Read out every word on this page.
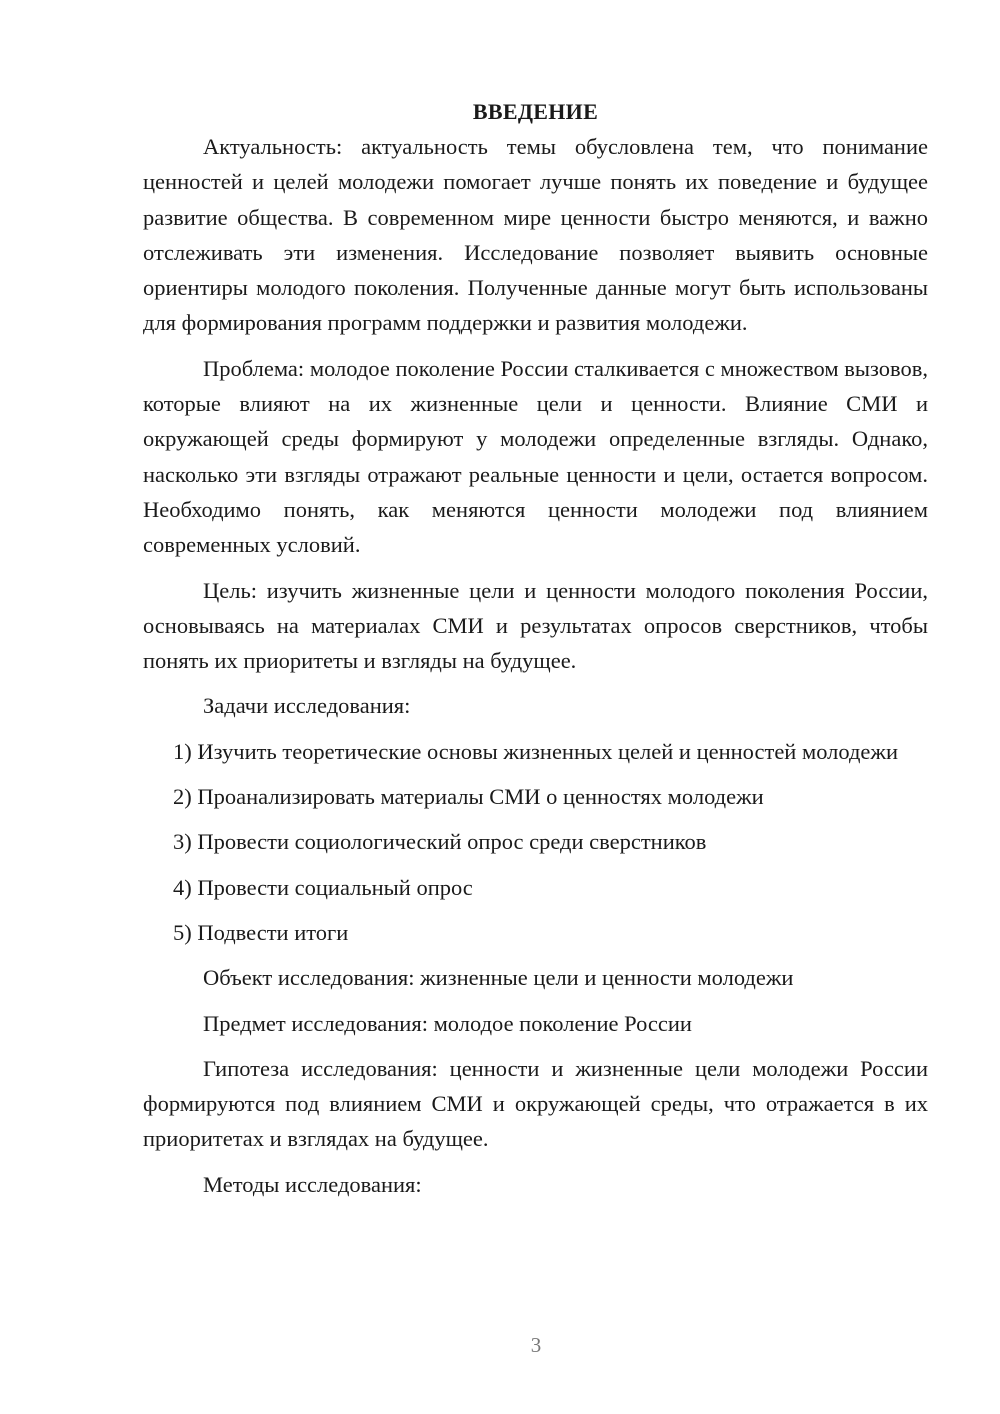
ВВЕДЕНИЕ

Актуальность: актуальность темы обусловлена тем, что понимание ценностей и целей молодежи помогает лучше понять их поведение и будущее развитие общества. В современном мире ценности быстро меняются, и важно отслеживать эти изменения. Исследование позволяет выявить основные ориентиры молодого поколения. Полученные данные могут быть использованы для формирования программ поддержки и развития молодежи.

Проблема: молодое поколение России сталкивается с множеством вызовов, которые влияют на их жизненные цели и ценности. Влияние СМИ и окружающей среды формируют у молодежи определенные взгляды. Однако, насколько эти взгляды отражают реальные ценности и цели, остается вопросом. Необходимо понять, как меняются ценности молодежи под влиянием современных условий.

Цель: изучить жизненные цели и ценности молодого поколения России, основываясь на материалах СМИ и результатах опросов сверстников, чтобы понять их приоритеты и взгляды на будущее.

Задачи исследования:

1) Изучить теоретические основы жизненных целей и ценностей молодежи

2) Проанализировать материалы СМИ о ценностях молодежи

3) Провести социологический опрос среди сверстников

4) Провести социальный опрос

5) Подвести итоги

Объект исследования: жизненные цели и ценности молодежи

Предмет исследования: молодое поколение России

Гипотеза исследования: ценности и жизненные цели молодежи России формируются под влиянием СМИ и окружающей среды, что отражается в их приоритетах и взглядах на будущее.

Методы исследования:

3
